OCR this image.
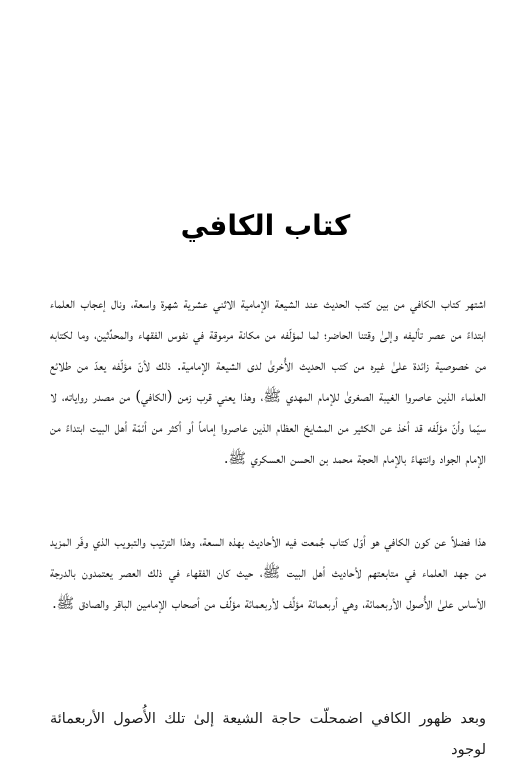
كتاب الكافي

اشتهر كتاب الكافي من بين كتب الحديث عند الشيعة الإمامية الاثني عشرية شهرة واسعة، ونال إعجاب العلماء ابتداءً من عصر تأليفه وإلىٰ وقتنا الحاضر؛ لما لمؤلّفه من مكانة مرموقة في نفوس الفقهاء والمحدِّثين، وما لكتابه من خصوصية زائدة علىٰ غيره من كتب الحديث الأُخرىٰ لدى الشيعة الإمامية. ذلك لأنّ مؤلّفه يعدّ من طلائع العلماء الذين عاصروا الغيبة الصغرىٰ للإمام المهدي ﷺ، وهذا يعني قرب زمن (الكافي) من مصدر رواياته، لا سيّما وأنّ مؤلّفه قد أخذ عن الكثير من المشايخ العظام الذين عاصروا إماماً أو أكثر من أئمّة أهل البيت ابتداءً من الإمام الجواد وانتهاءً بالإمام الحجة محمد بن الحسن العسكري ﷺ.

هذا فضلاً عن كون الكافي هو أوّل كتاب جُمعت فيه الأحاديث بهذه السعة، وهذا الترتيب والتبويب الذي وفّر المزيد من جهد العلماء في متابعتهم لأحاديث أهل البيت ﷺ، حيث كان الفقهاء في ذلك العصر يعتمدون بالدرجة الأساس علىٰ الأُصول الأربعمائة، وهي أربعمائة مؤلَّف لأربعمائة مؤلِّف من أصحاب الإمامين الباقر والصادق ﷺ.

وبعد ظهور الكافي اضمحلّت حاجة الشيعة إلىٰ تلك الأُصول الأربعمائة لوجود
